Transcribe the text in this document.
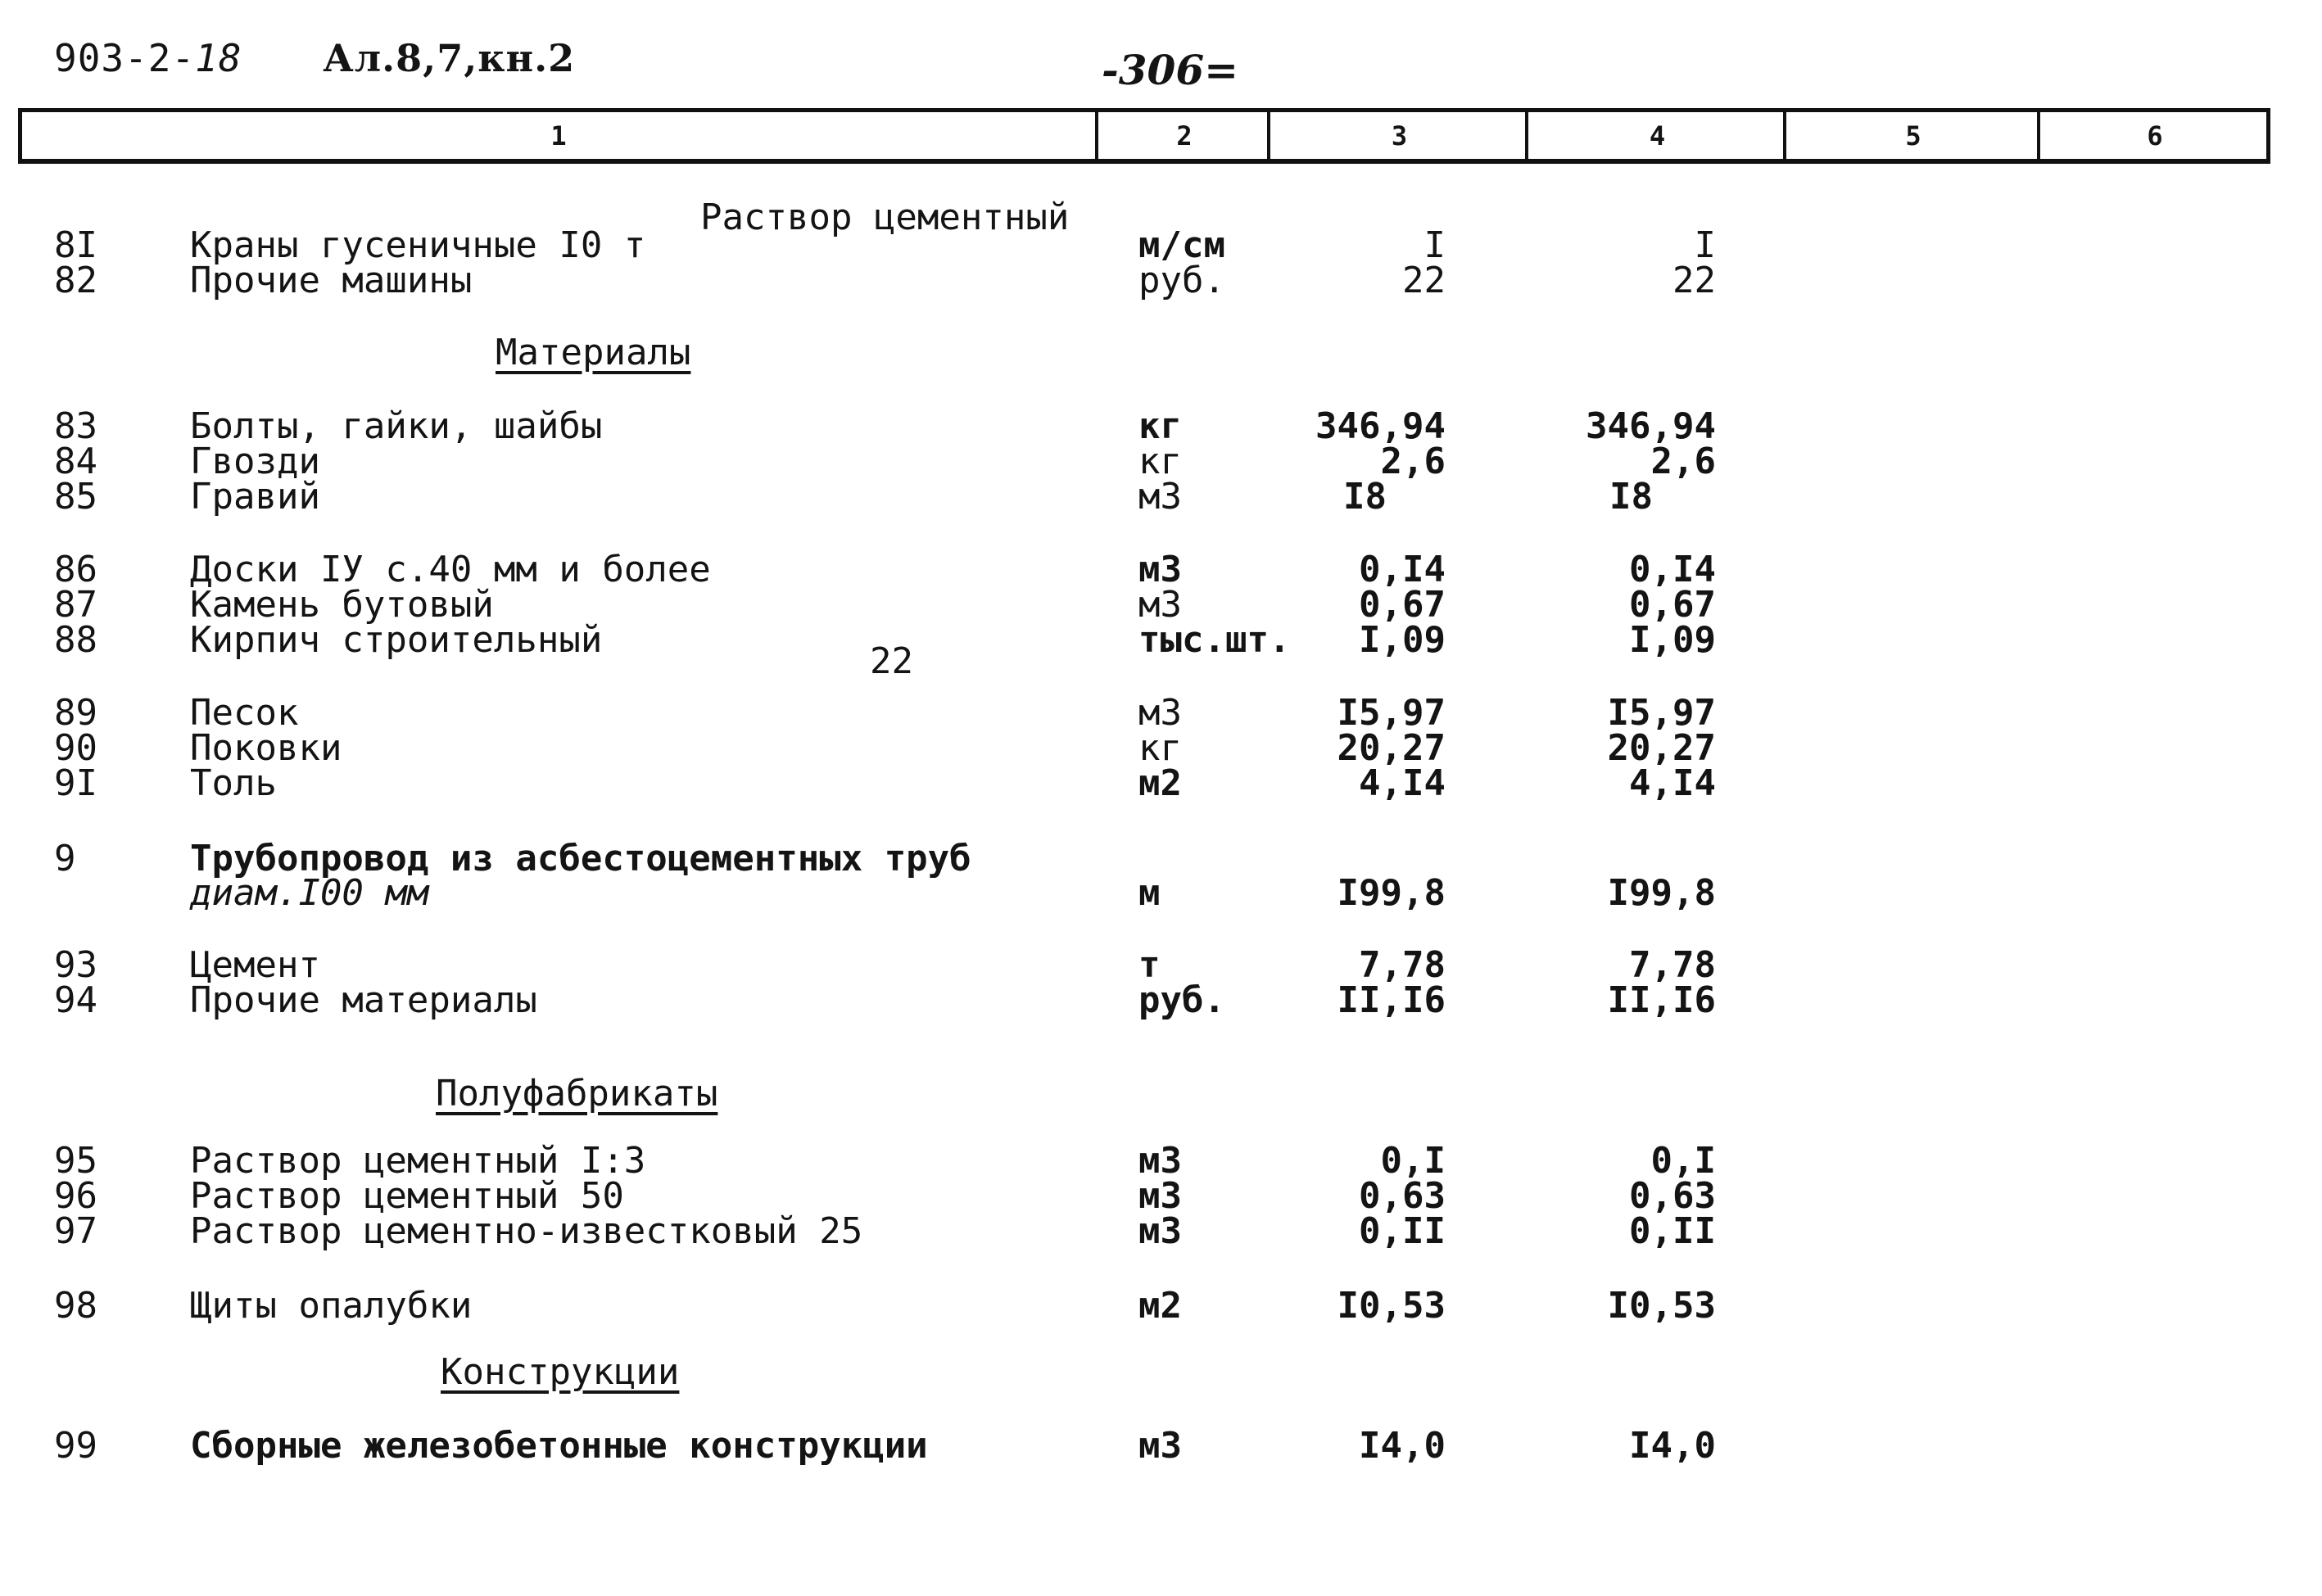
903-2-18 Ал.8,7,кн.2	-306=
1	2	3	4	5	6
Раствор цементный
8I	Краны гусеничные I0 т	м/см	I	I
82	Прочие машины	руб.	22	22
Материалы
83	Болты, гайки, шайбы	кг	346,94	346,94
84	Гвозди	кг	2,6	2,6
85	Гравий	м3	I8	I8
86	Доски IУ с.40 мм и более	м3	0,I4	0,I4
87	Камень бутовый	м3	0,67	0,67
88	Кирпич строительный	тыс.шт.	I,09	I,09
22
89	Песок	м3	I5,97	I5,97
90	Поковки	кг	20,27	20,27
9I	Толь	м2	4,I4	4,I4
9	Трубопровод из асбестоцементных труб
диам.I00 мм	м	I99,8	I99,8
93	Цемент	т	7,78	7,78
94	Прочие материалы	руб.	II,I6	II,I6
Полуфабрикаты
95	Раствор цементный I:3	м3	0,I	0,I
96	Раствор цементный 50	м3	0,63	0,63
97	Раствор цементно-известковый 25	м3	0,II	0,II
98	Щиты опалубки	м2	I0,53	I0,53
Конструкции
99	Сборные железобетонные конструкции	м3	I4,0	I4,0
